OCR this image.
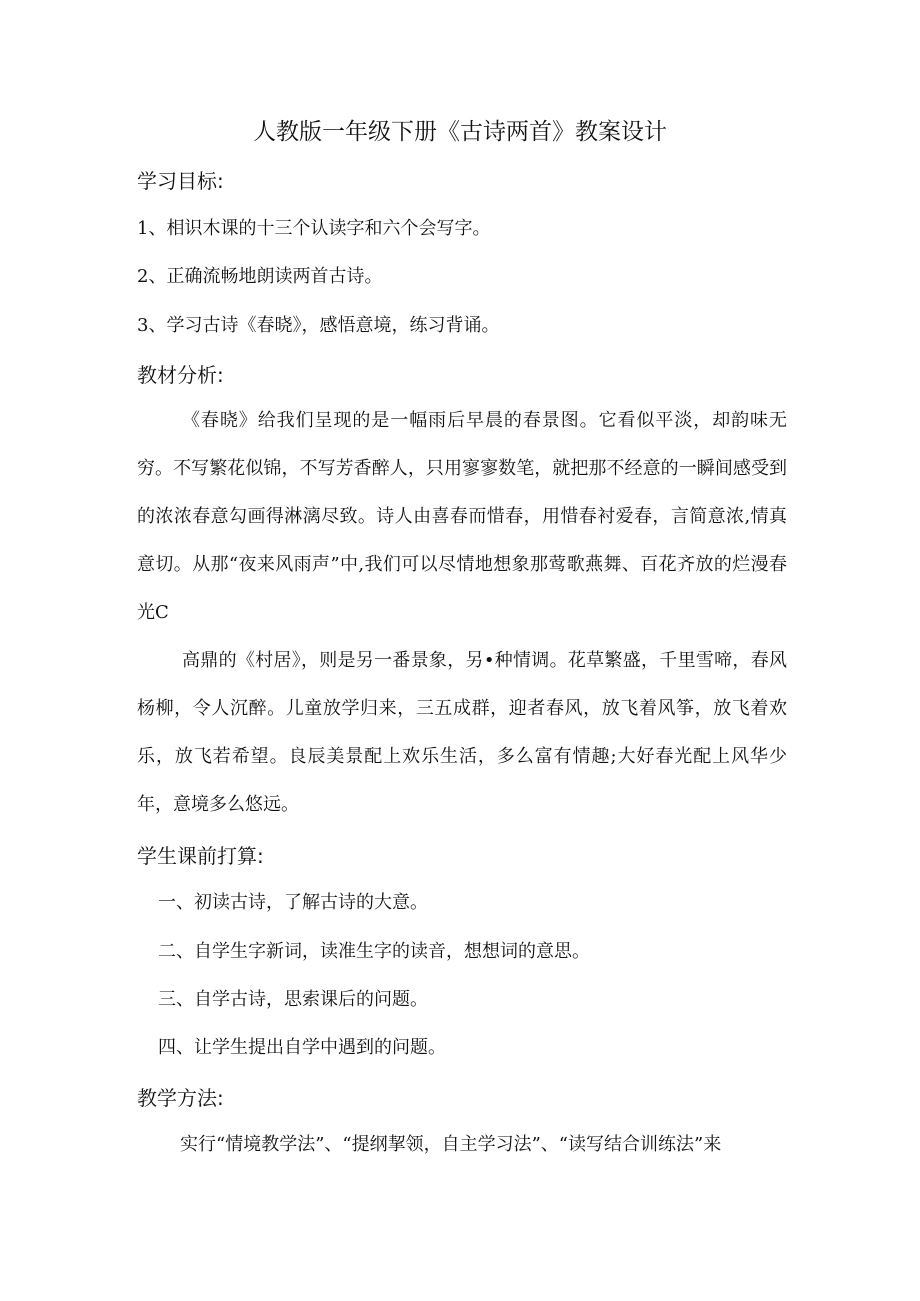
人教版一年级下册《古诗两首》教案设计
学习目标:
1、相识木课的十三个认读字和六个会写字。
2、正确流畅地朗读两首古诗。
3、学习古诗《春晓》，感悟意境，练习背诵。
教材分析:
《春晓》给我们呈现的是一幅雨后早晨的春景图。它看似平淡，却韵味无穷。不写繁花似锦，不写芳香醉人，只用寥寥数笔，就把那不经意的一瞬间感受到的浓浓春意勾画得淋漓尽致。诗人由喜春而惜春，用惜春衬爱春，言简意浓,情真意切。从那“夜来风雨声”中,我们可以尽情地想象那莺歌燕舞、百花齐放的烂漫春光C
高鼎的《村居》，则是另一番景象，另•种情调。花草繁盛，千里雪啼，春风杨柳，令人沉醉。儿童放学归来，三五成群，迎者春风，放飞着风筝，放飞着欢乐，放飞若希望。良辰美景配上欢乐生活，多么富有情趣;大好春光配上风华少年，意境多么悠远。
学生课前打算:
一、初读古诗，了解古诗的大意。
二、自学生字新词，读准生字的读音，想想词的意思。
三、自学古诗，思索课后的问题。
四、让学生提出自学中遇到的问题。
教学方法:
实行“情境教学法”、“提纲挈领，自主学习法”、“读写结合训练法”来
